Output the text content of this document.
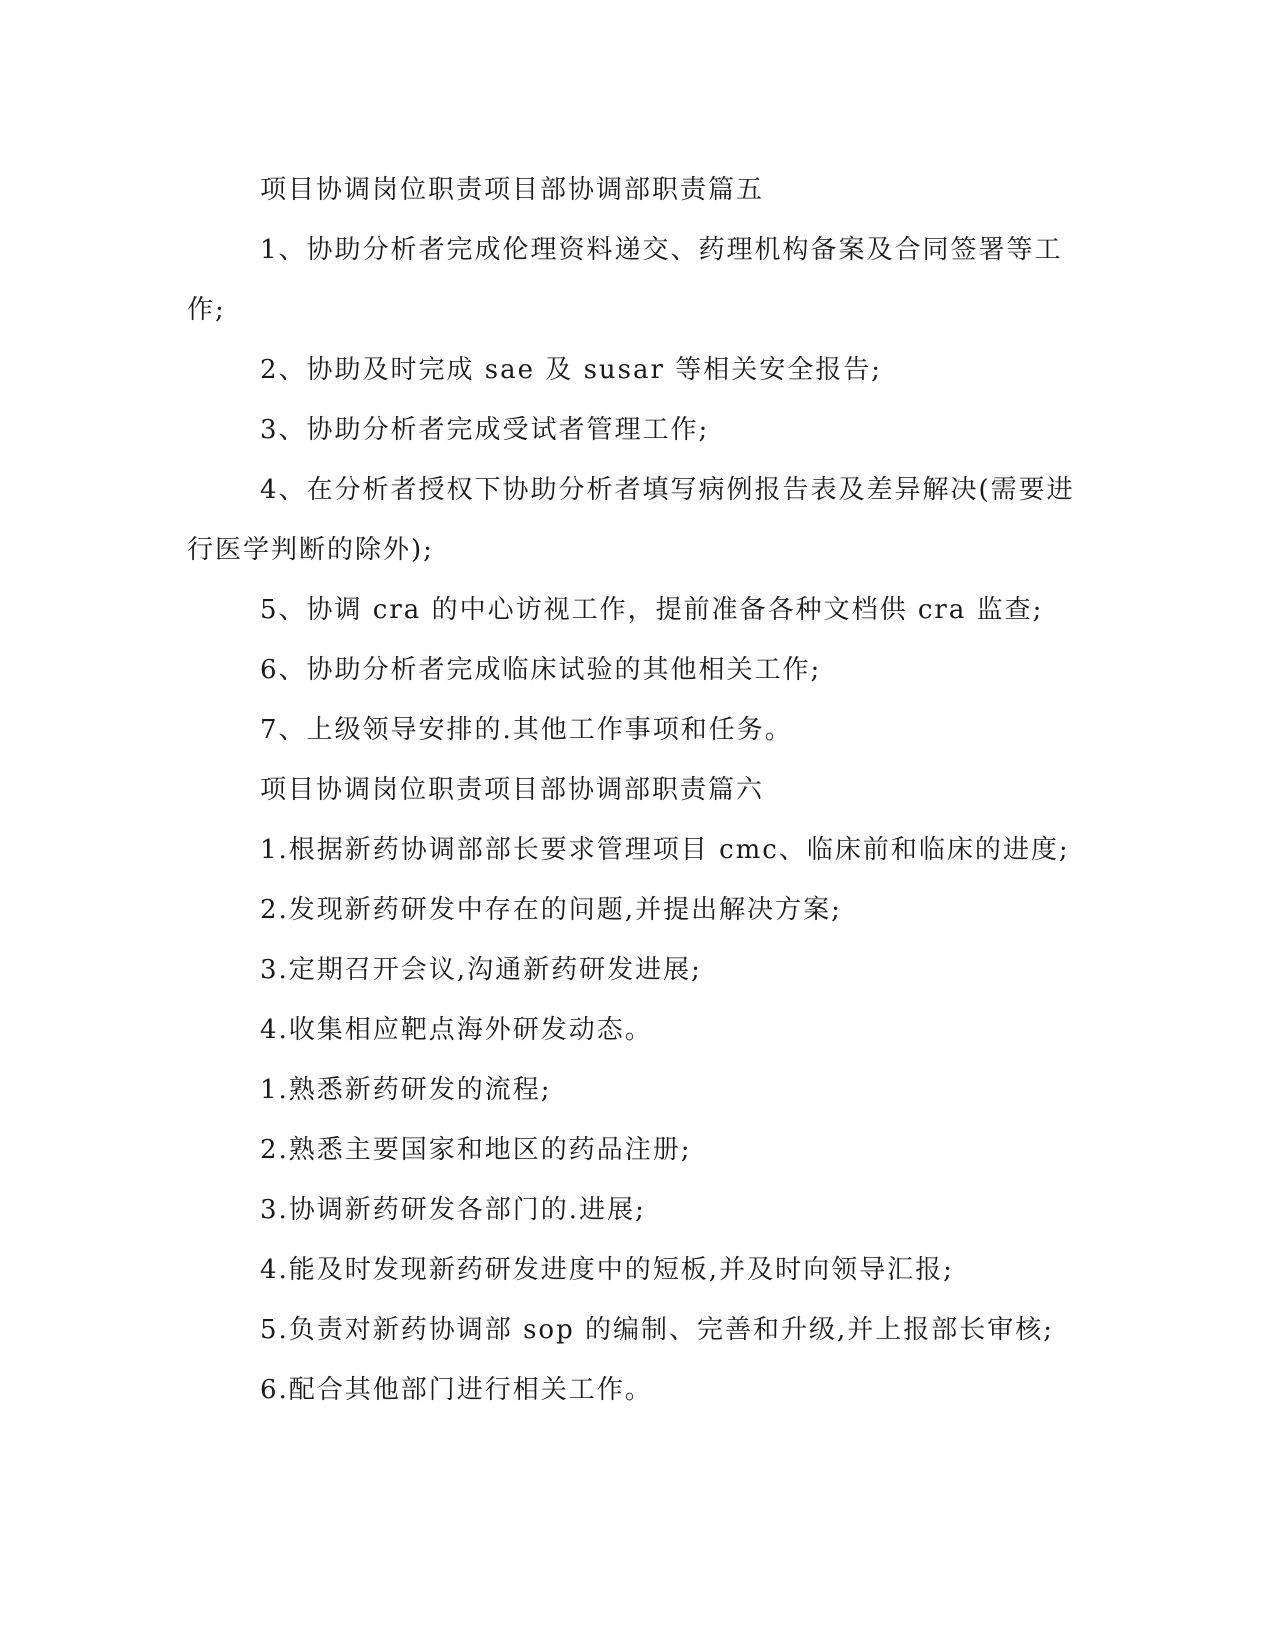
项目协调岗位职责项目部协调部职责篇五

1、协助分析者完成伦理资料递交、药理机构备案及合同签署等工作;

2、协助及时完成 sae 及 susar 等相关安全报告;

3、协助分析者完成受试者管理工作;

4、在分析者授权下协助分析者填写病例报告表及差异解决(需要进行医学判断的除外);

5、协调 cra 的中心访视工作，提前准备各种文档供 cra 监查;

6、协助分析者完成临床试验的其他相关工作;

7、上级领导安排的.其他工作事项和任务。

项目协调岗位职责项目部协调部职责篇六

1.根据新药协调部部长要求管理项目 cmc、临床前和临床的进度;

2.发现新药研发中存在的问题,并提出解决方案;

3.定期召开会议,沟通新药研发进展;

4.收集相应靶点海外研发动态。

1.熟悉新药研发的流程;

2.熟悉主要国家和地区的药品注册;

3.协调新药研发各部门的.进展;

4.能及时发现新药研发进度中的短板,并及时向领导汇报;

5.负责对新药协调部 sop 的编制、完善和升级,并上报部长审核;

6.配合其他部门进行相关工作。
